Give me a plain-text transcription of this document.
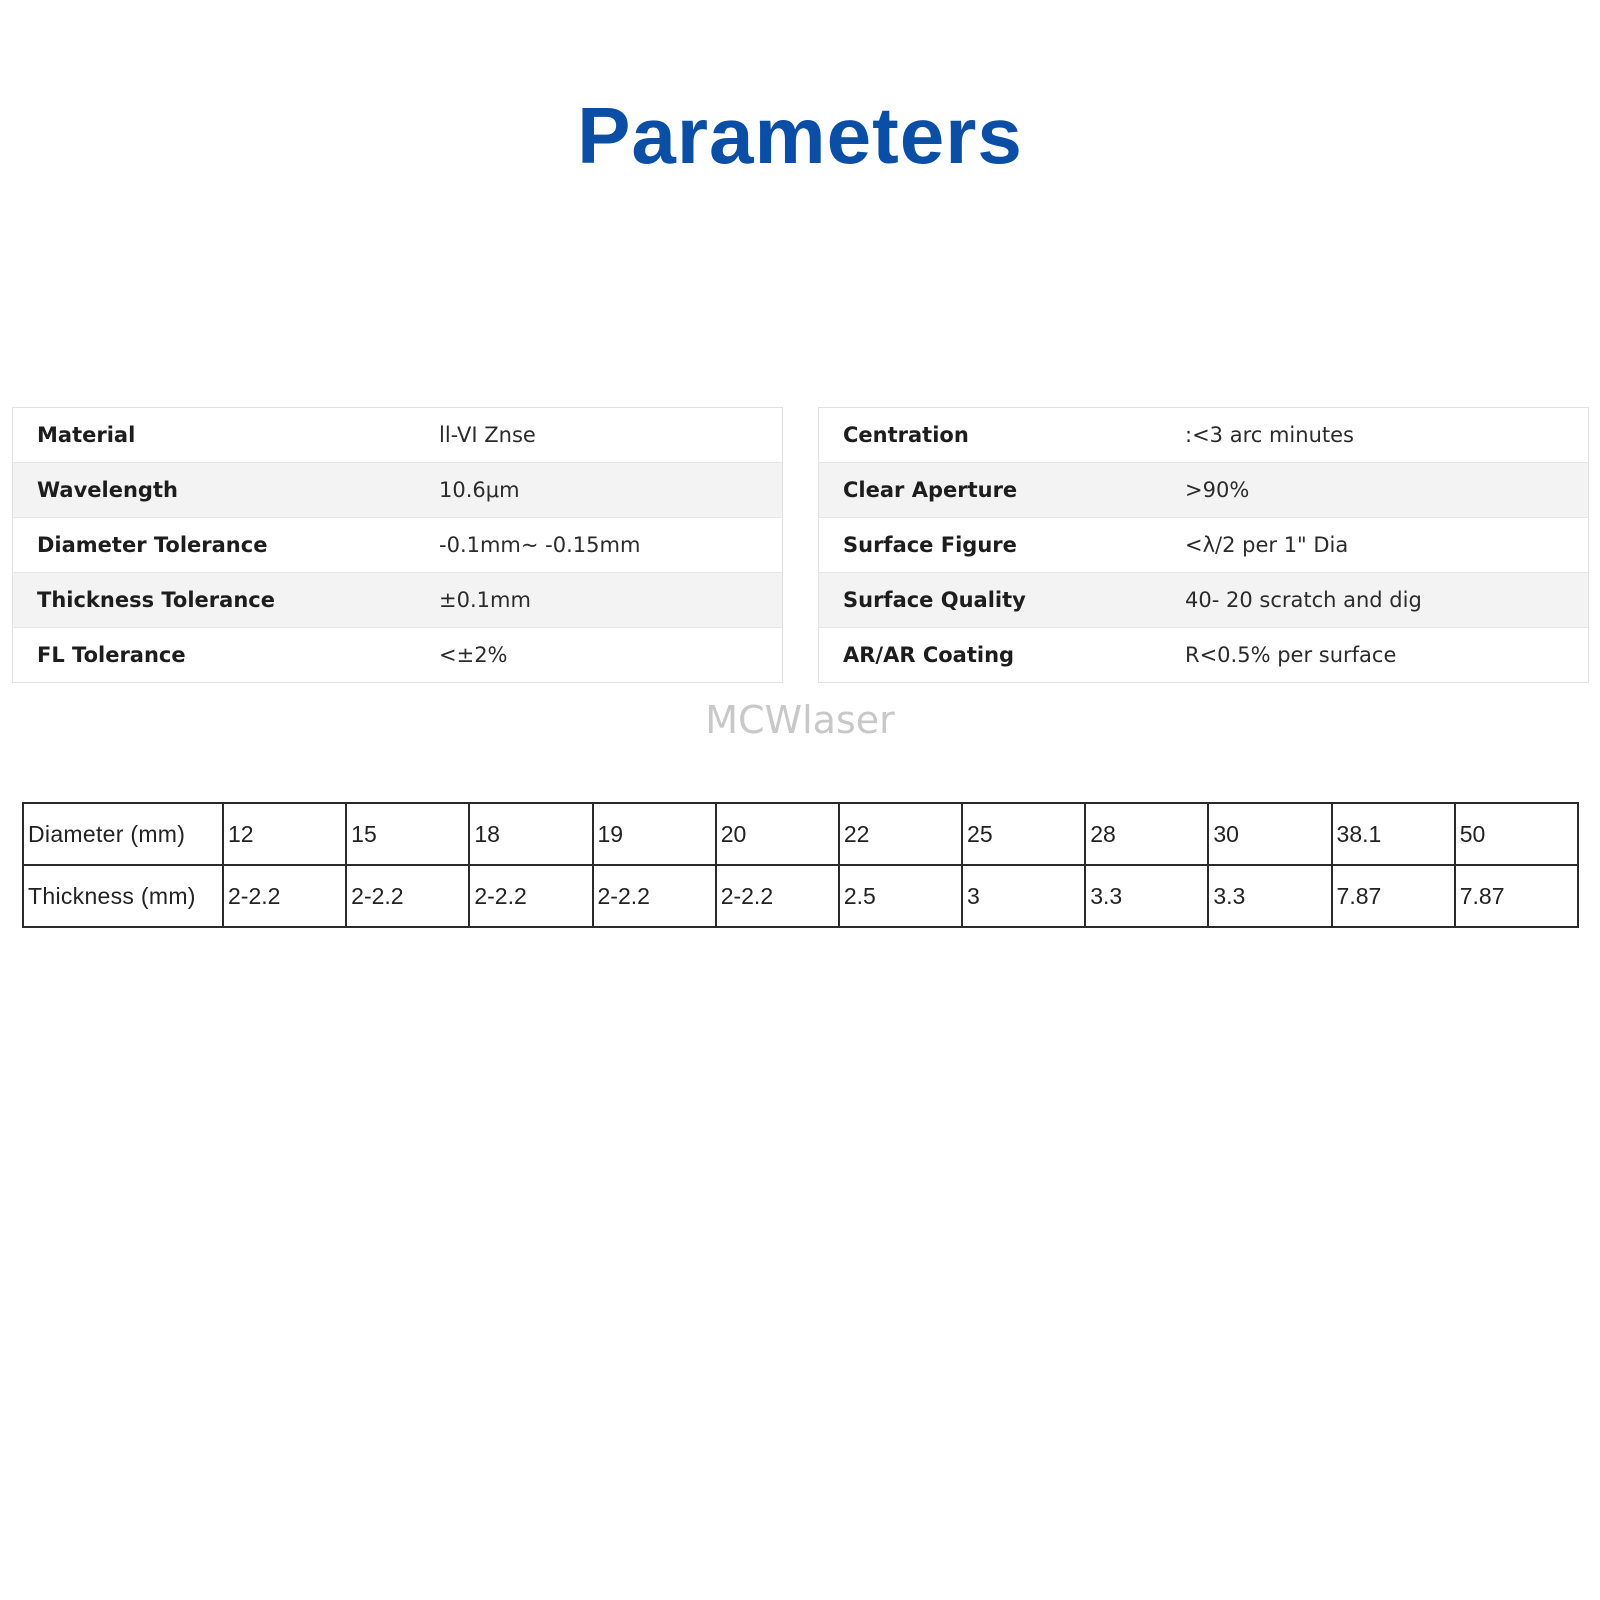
Parameters
Material	ll-VI Znse
Wavelength	10.6μm
Diameter Tolerance	-0.1mm~ -0.15mm
Thickness Tolerance	±0.1mm
FL Tolerance	<±2%
Centration	:<3 arc minutes
Clear Aperture	>90%
Surface Figure	<λ/2 per 1" Dia
Surface Quality	40- 20 scratch and dig
AR/AR Coating	R<0.5% per surface
MCWlaser
Diameter (mm)	12	15	18	19	20	22	25	28	30	38.1	50
Thickness (mm)	2-2.2	2-2.2	2-2.2	2-2.2	2-2.2	2.5	3	3.3	3.3	7.87	7.87
